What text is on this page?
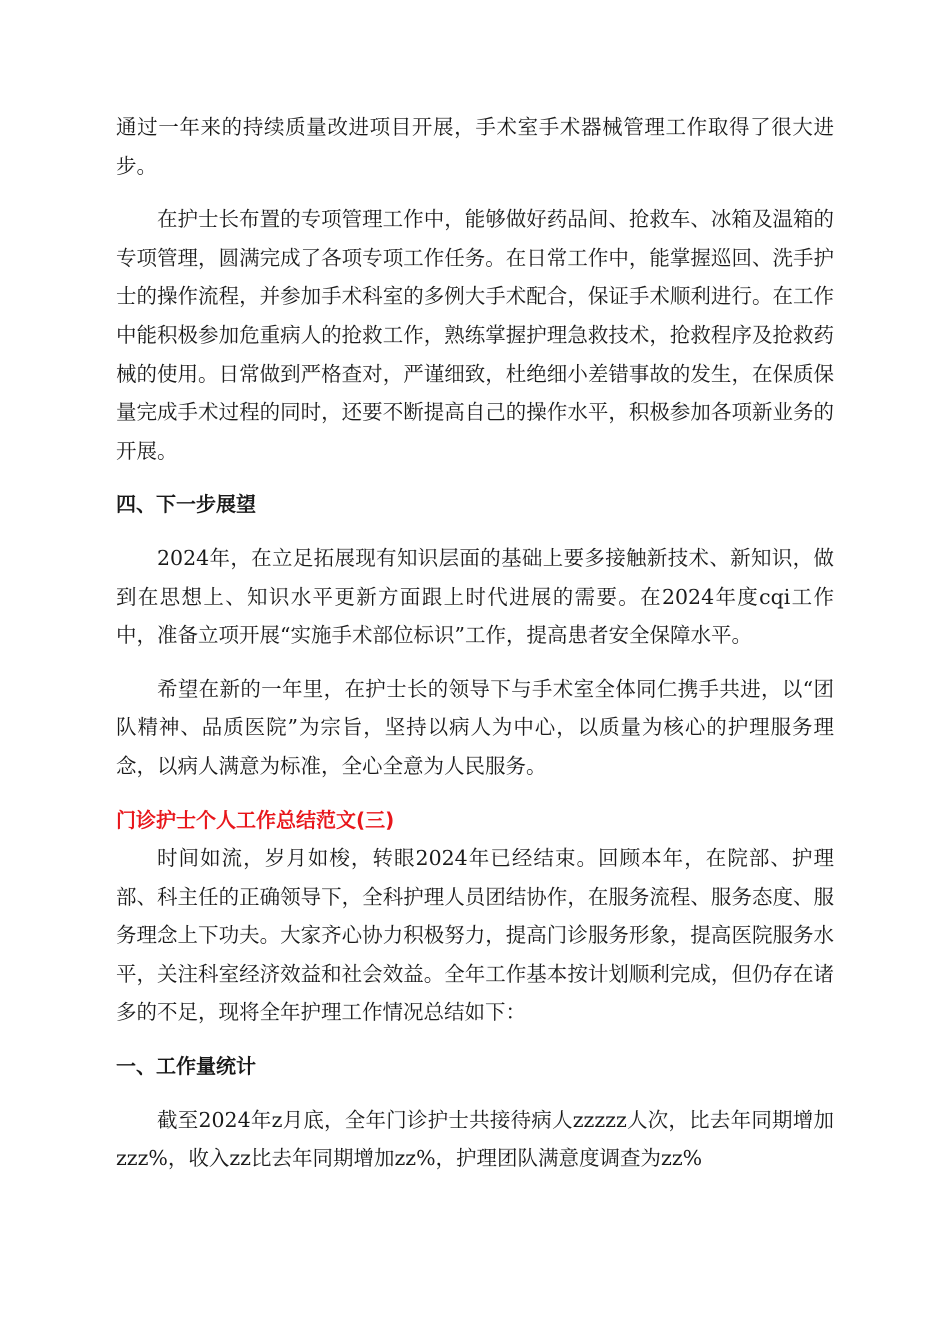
通过一年来的持续质量改进项目开展，手术室手术器械管理工作取得了很大进步。

在护士长布置的专项管理工作中，能够做好药品间、抢救车、冰箱及温箱的专项管理，圆满完成了各项专项工作任务。在日常工作中，能掌握巡回、洗手护士的操作流程，并参加手术科室的多例大手术配合，保证手术顺利进行。在工作中能积极参加危重病人的抢救工作，熟练掌握护理急救技术，抢救程序及抢救药械的使用。日常做到严格查对，严谨细致，杜绝细小差错事故的发生，在保质保量完成手术过程的同时，还要不断提高自己的操作水平，积极参加各项新业务的开展。

四、下一步展望

2024年，在立足拓展现有知识层面的基础上要多接触新技术、新知识，做到在思想上、知识水平更新方面跟上时代进展的需要。在2024年度cqi工作中，准备立项开展“实施手术部位标识”工作，提高患者安全保障水平。

希望在新的一年里，在护士长的领导下与手术室全体同仁携手共进，以“团队精神、品质医院”为宗旨，坚持以病人为中心，以质量为核心的护理服务理念，以病人满意为标准，全心全意为人民服务。

门诊护士个人工作总结范文(三)

时间如流，岁月如梭，转眼2024年已经结束。回顾本年，在院部、护理部、科主任的正确领导下，全科护理人员团结协作，在服务流程、服务态度、服务理念上下功夫。大家齐心协力积极努力，提高门诊服务形象，提高医院服务水平，关注科室经济效益和社会效益。全年工作基本按计划顺利完成，但仍存在诸多的不足，现将全年护理工作情况总结如下：

一、工作量统计

截至2024年z月底，全年门诊护士共接待病人zzzzz人次，比去年同期增加zzz%，收入zz比去年同期增加zz%，护理团队满意度调查为zz%
